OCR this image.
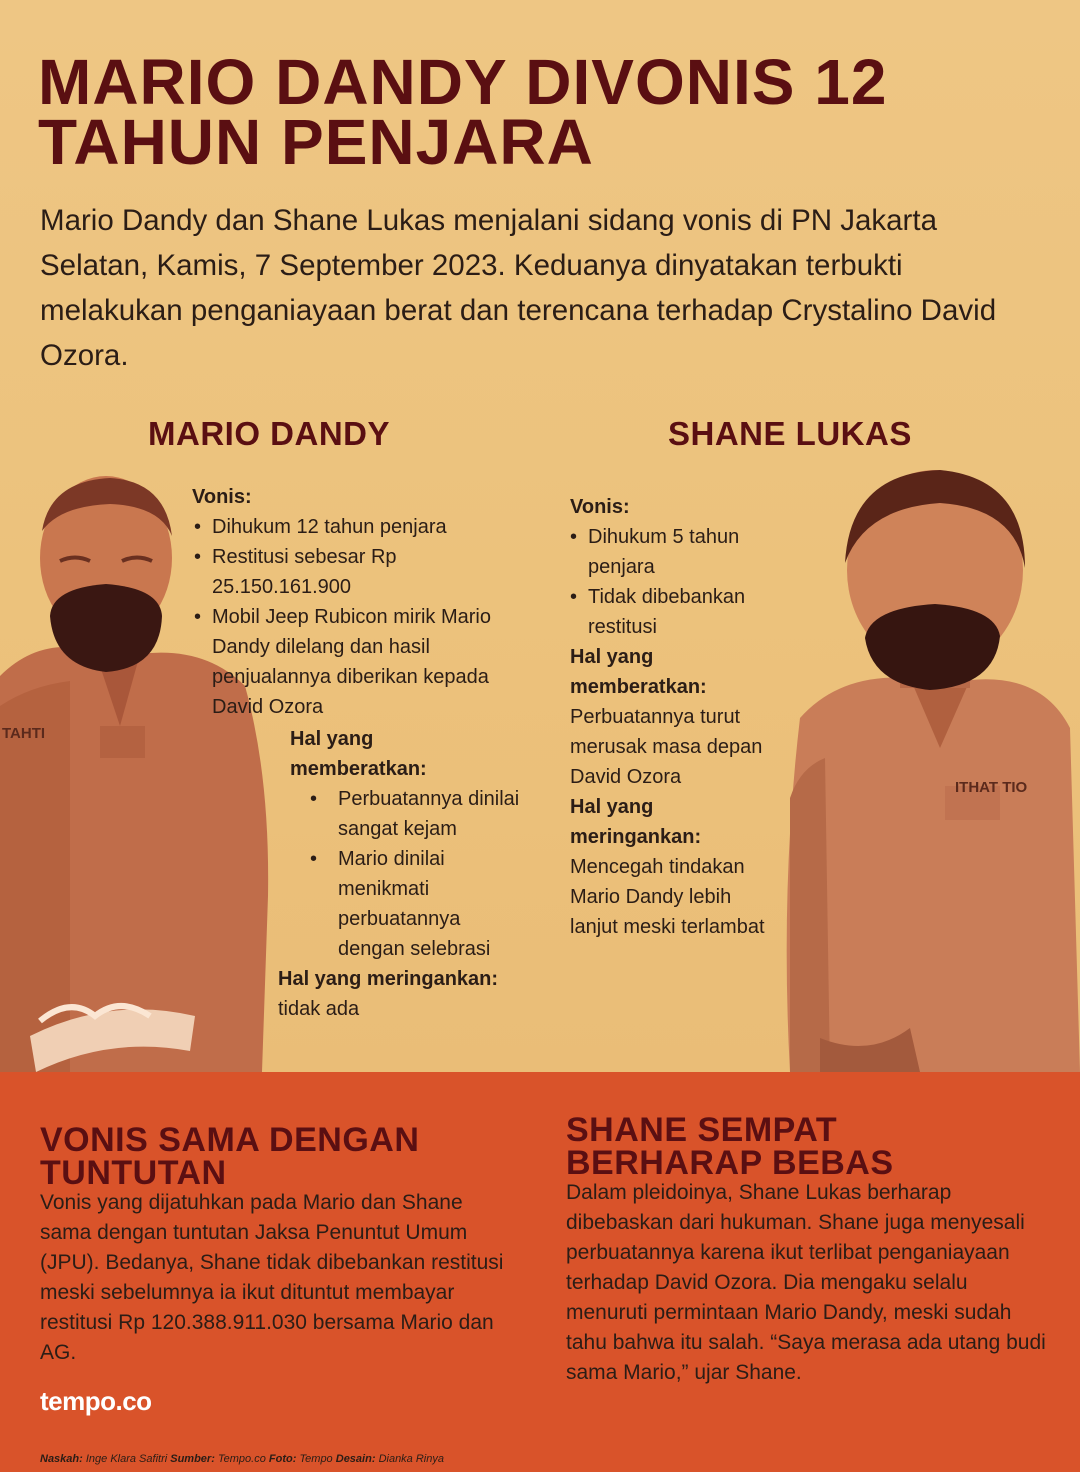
MARIO DANDY DIVONIS 12 TAHUN PENJARA

Mario Dandy dan Shane Lukas menjalani sidang vonis di PN Jakarta Selatan, Kamis, 7 September 2023. Keduanya dinyatakan terbukti melakukan penganiayaan berat dan terencana terhadap Crystalino David Ozora.

TAHTI
ITHAT TIO
MARIO DANDY	SHANE LUKAS
Vonis:
• Dihukum 12 tahun penjara
• Restitusi sebesar Rp 25.150.161.900
• Mobil Jeep Rubicon mirik Mario Dandy dilelang dan hasil penjualannya diberikan kepada David Ozora
Hal yang memberatkan:
• Perbuatannya dinilai sangat kejam
• Mario dinilai menikmati perbuatannya dengan selebrasi
Hal yang meringankan: tidak ada
Vonis:
• Dihukum 5 tahun penjara
• Tidak dibebankan restitusi
Hal yang memberatkan:
Perbuatannya turut merusak masa depan David Ozora
Hal yang meringankan:
Mencegah tindakan Mario Dandy lebih lanjut meski terlambat
VONIS SAMA DENGAN TUNTUTAN

Vonis yang dijatuhkan pada Mario dan Shane sama dengan tuntutan Jaksa Penuntut Umum (JPU). Bedanya, Shane tidak dibebankan restitusi meski sebelumnya ia ikut dituntut membayar restitusi Rp 120.388.911.030 bersama Mario dan AG.

SHANE SEMPAT BERHARAP BEBAS

Dalam pleidoinya, Shane Lukas berharap dibebaskan dari hukuman. Shane juga menyesali perbuatannya karena ikut terlibat penganiayaan terhadap David Ozora. Dia mengaku selalu menuruti permintaan Mario Dandy, meski sudah tahu bahwa itu salah. “Saya merasa ada utang budi sama Mario,” ujar Shane.

tempo.co
Naskah: Inge Klara Safitri Sumber: Tempo.co Foto: Tempo Desain: Dianka Rinya
